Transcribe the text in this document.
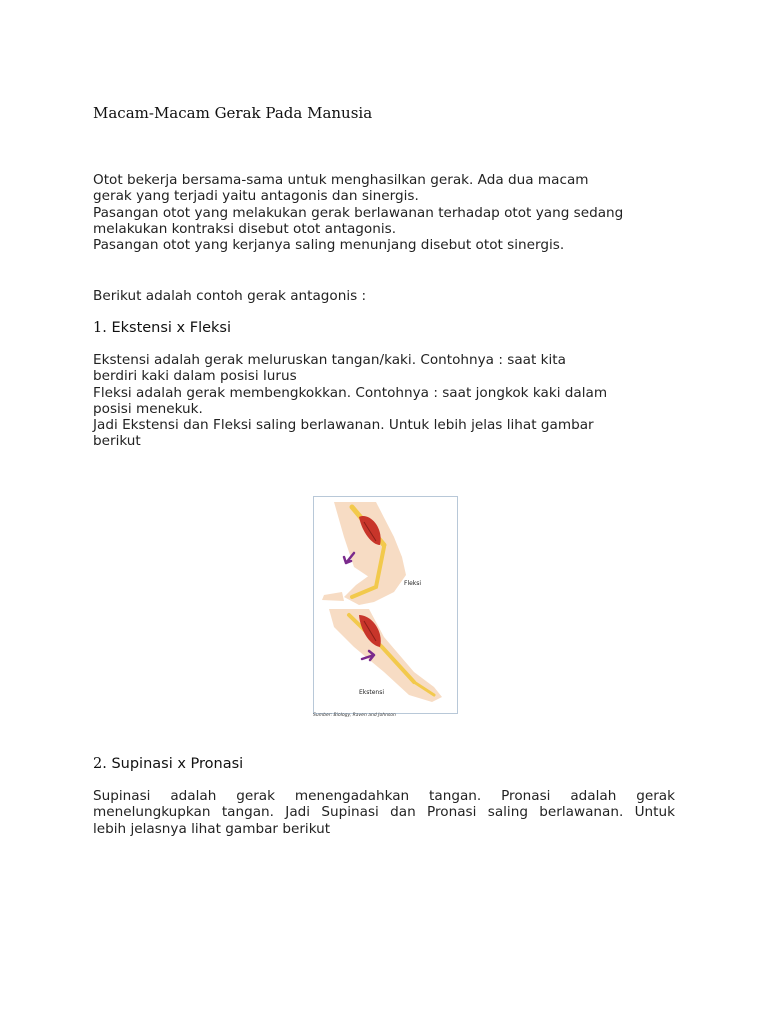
Macam-Macam Gerak Pada Manusia
Otot bekerja bersama-sama untuk menghasilkan gerak. Ada dua macam
gerak yang terjadi yaitu antagonis dan sinergis.
Pasangan otot yang melakukan gerak berlawanan terhadap otot yang sedang
melakukan kontraksi disebut otot antagonis.
Pasangan otot yang kerjanya saling menunjang disebut otot sinergis.
Berikut adalah contoh gerak antagonis :
1. Ekstensi x Fleksi
Ekstensi adalah gerak meluruskan tangan/kaki. Contohnya : saat kita
berdiri kaki dalam posisi lurus
Fleksi adalah gerak membengkokkan. Contohnya : saat jongkok kaki dalam
posisi menekuk.
Jadi Ekstensi dan Fleksi saling berlawanan. Untuk lebih jelas lihat gambar
berikut
Fleksi
Ekstensi
Sumber: Biology, Raven and Johnson
2. Supinasi x Pronasi
Supinasi adalah gerak menengadahkan tangan. Pronasi adalah gerak
menelungkupkan tangan. Jadi Supinasi dan Pronasi saling berlawanan. Untuk
lebih jelasnya lihat gambar berikut
